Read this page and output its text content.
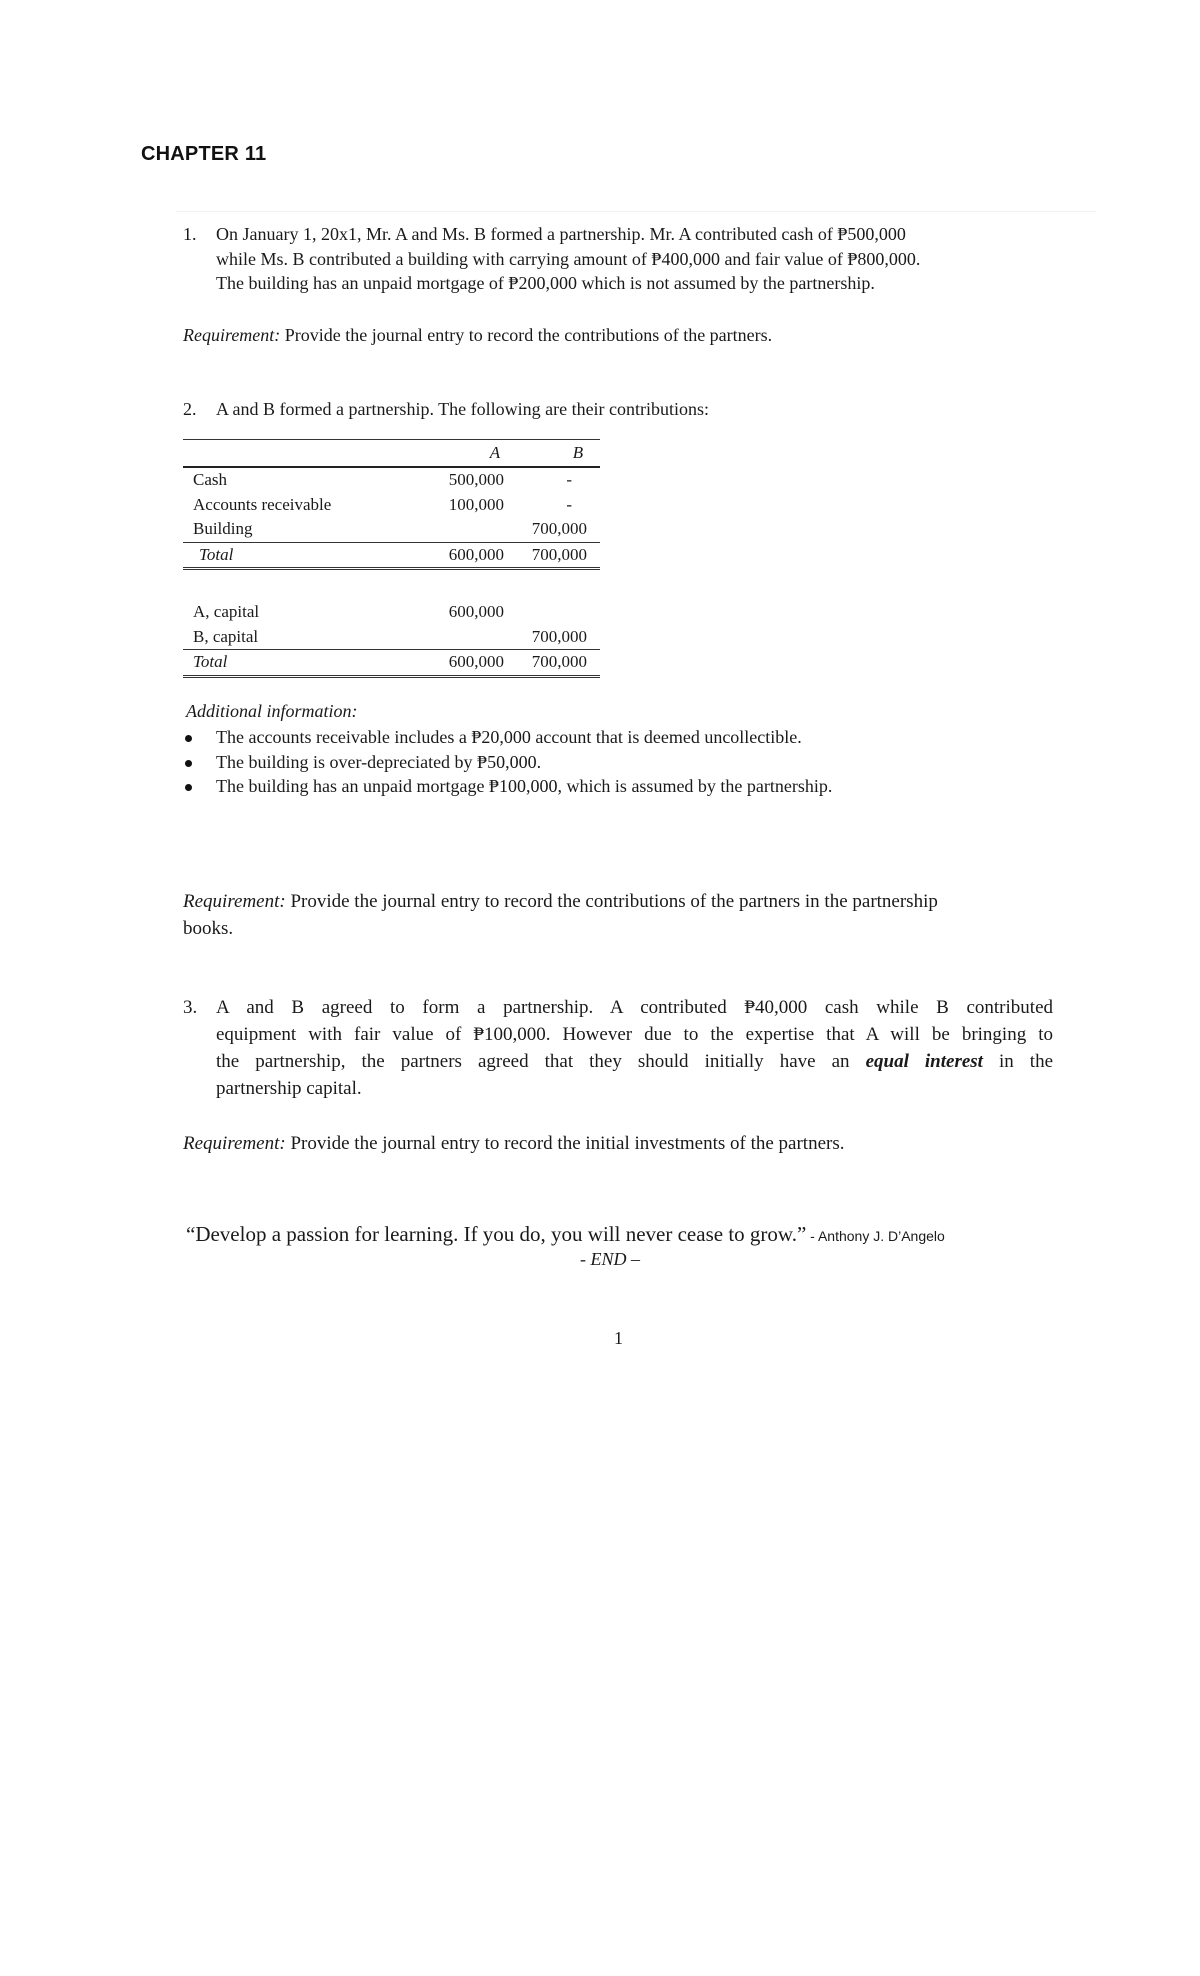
CHAPTER 11
1. On January 1, 20x1, Mr. A and Ms. B formed a partnership. Mr. A contributed cash of ₱500,000
while Ms. B contributed a building with carrying amount of ₱400,000 and fair value of ₱800,000.
The building has an unpaid mortgage of ₱200,000 which is not assumed by the partnership.
Requirement: Provide the journal entry to record the contributions of the partners.
2. A and B formed a partnership. The following are their contributions:
	A	B
Cash	500,000	-
Accounts receivable	100,000	-
Building		700,000
Total	600,000	700,000

A, capital	600,000	
B, capital		700,000
Total	600,000	700,000
Additional information:
The accounts receivable includes a ₱20,000 account that is deemed uncollectible.
The building is over-depreciated by ₱50,000.
The building has an unpaid mortgage ₱100,000, which is assumed by the partnership.
Requirement: Provide the journal entry to record the contributions of the partners in the partnership
books.
3. A and B agreed to form a partnership. A contributed ₱40,000 cash while B contributed
equipment with fair value of ₱100,000. However due to the expertise that A will be bringing to
the partnership, the partners agreed that they should initially have an equal interest in the
partnership capital.
Requirement: Provide the journal entry to record the initial investments of the partners.
“Develop a passion for learning. If you do, you will never cease to grow.” - Anthony J. D’Angelo
- END –
1
